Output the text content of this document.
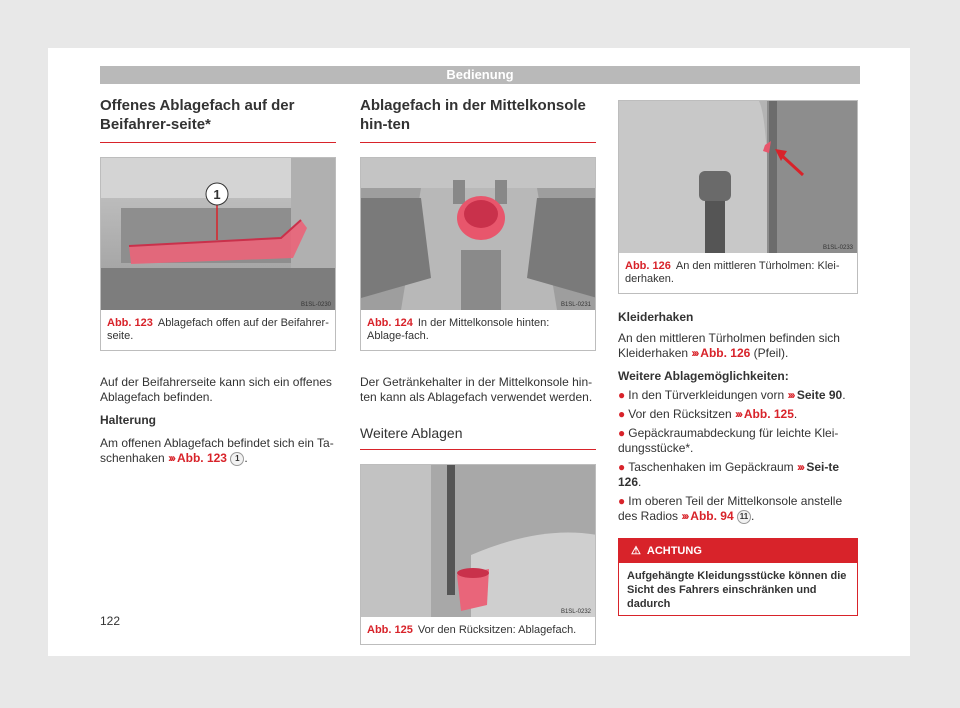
Bedienung
Offenes Ablagefach auf der Beifahrer-seite*
1
B1SL-0230
Abb. 123 Ablagefach offen auf der Beifahrer-seite.

Auf der Beifahrerseite kann sich ein offenes Ablagefach befinden.

Halterung

Am offenen Ablagefach befindet sich ein Ta-schenhaken ››› Abb. 123 1 .

Ablagefach in der Mittelkonsole hin-ten
B1SL-0231
Abb. 124 In der Mittelkonsole hinten: Ablage-fach.

Der Getränkehalter in der Mittelkonsole hin-ten kann als Ablagefach verwendet werden.

Weitere Ablagen
B1SL-0232
Abb. 125 Vor den Rücksitzen: Ablagefach.
B1SL-0233
Abb. 126 An den mittleren Türholmen: Klei-derhaken.

Kleiderhaken

An den mittleren Türholmen befinden sich Kleiderhaken ››› Abb. 126 (Pfeil).

Weitere Ablagemöglichkeiten:

● In den Türverkleidungen vorn ››› Seite 90.

● Vor den Rücksitzen ››› Abb. 125.

● Gepäckraumabdeckung für leichte Klei-dungsstücke*.

● Taschenhaken im Gepäckraum ››› Sei-te 126.

● Im oberen Teil der Mittelkonsole anstelle des Radios ››› Abb. 94 11 .

⚠ ACHTUNG
Aufgehängte Kleidungsstücke können die Sicht des Fahrers einschränken und dadurch
122
